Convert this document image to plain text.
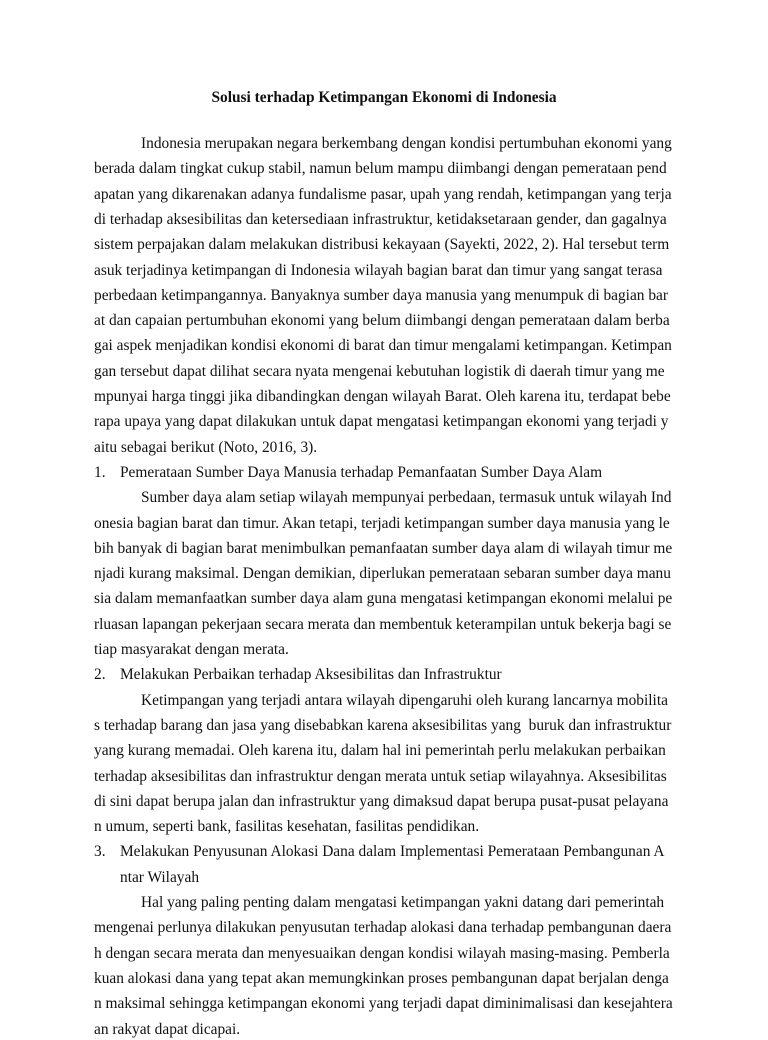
Solusi terhadap Ketimpangan Ekonomi di Indonesia
Indonesia merupakan negara berkembang dengan kondisi pertumbuhan ekonomi yang
berada dalam tingkat cukup stabil, namun belum mampu diimbangi dengan pemerataan pend
apatan yang dikarenakan adanya fundalisme pasar, upah yang rendah, ketimpangan yang terja
di terhadap aksesibilitas dan ketersediaan infrastruktur, ketidaksetaraan gender, dan gagalnya
sistem perpajakan dalam melakukan distribusi kekayaan (Sayekti, 2022, 2). Hal tersebut term
asuk terjadinya ketimpangan di Indonesia wilayah bagian barat dan timur yang sangat terasa
perbedaan ketimpangannya. Banyaknya sumber daya manusia yang menumpuk di bagian bar
at dan capaian pertumbuhan ekonomi yang belum diimbangi dengan pemerataan dalam berba
gai aspek menjadikan kondisi ekonomi di barat dan timur mengalami ketimpangan. Ketimpan
gan tersebut dapat dilihat secara nyata mengenai kebutuhan logistik di daerah timur yang me
mpunyai harga tinggi jika dibandingkan dengan wilayah Barat. Oleh karena itu, terdapat bebe
rapa upaya yang dapat dilakukan untuk dapat mengatasi ketimpangan ekonomi yang terjadi y
aitu sebagai berikut (Noto, 2016, 3).
1. Pemerataan Sumber Daya Manusia terhadap Pemanfaatan Sumber Daya Alam
Sumber daya alam setiap wilayah mempunyai perbedaan, termasuk untuk wilayah Ind
onesia bagian barat dan timur. Akan tetapi, terjadi ketimpangan sumber daya manusia yang le
bih banyak di bagian barat menimbulkan pemanfaatan sumber daya alam di wilayah timur me
njadi kurang maksimal. Dengan demikian, diperlukan pemerataan sebaran sumber daya manu
sia dalam memanfaatkan sumber daya alam guna mengatasi ketimpangan ekonomi melalui pe
rluasan lapangan pekerjaan secara merata dan membentuk keterampilan untuk bekerja bagi se
tiap masyarakat dengan merata.
2. Melakukan Perbaikan terhadap Aksesibilitas dan Infrastruktur
Ketimpangan yang terjadi antara wilayah dipengaruhi oleh kurang lancarnya mobilita
s terhadap barang dan jasa yang disebabkan karena aksesibilitas yang  buruk dan infrastruktur
yang kurang memadai. Oleh karena itu, dalam hal ini pemerintah perlu melakukan perbaikan
terhadap aksesibilitas dan infrastruktur dengan merata untuk setiap wilayahnya. Aksesibilitas
di sini dapat berupa jalan dan infrastruktur yang dimaksud dapat berupa pusat-pusat pelayana
n umum, seperti bank, fasilitas kesehatan, fasilitas pendidikan.
3. Melakukan Penyusunan Alokasi Dana dalam Implementasi Pemerataan Pembangunan A
ntar Wilayah
Hal yang paling penting dalam mengatasi ketimpangan yakni datang dari pemerintah
mengenai perlunya dilakukan penyusutan terhadap alokasi dana terhadap pembangunan daera
h dengan secara merata dan menyesuaikan dengan kondisi wilayah masing-masing. Pemberla
kuan alokasi dana yang tepat akan memungkinkan proses pembangunan dapat berjalan denga
n maksimal sehingga ketimpangan ekonomi yang terjadi dapat diminimalisasi dan kesejahtera
an rakyat dapat dicapai.
